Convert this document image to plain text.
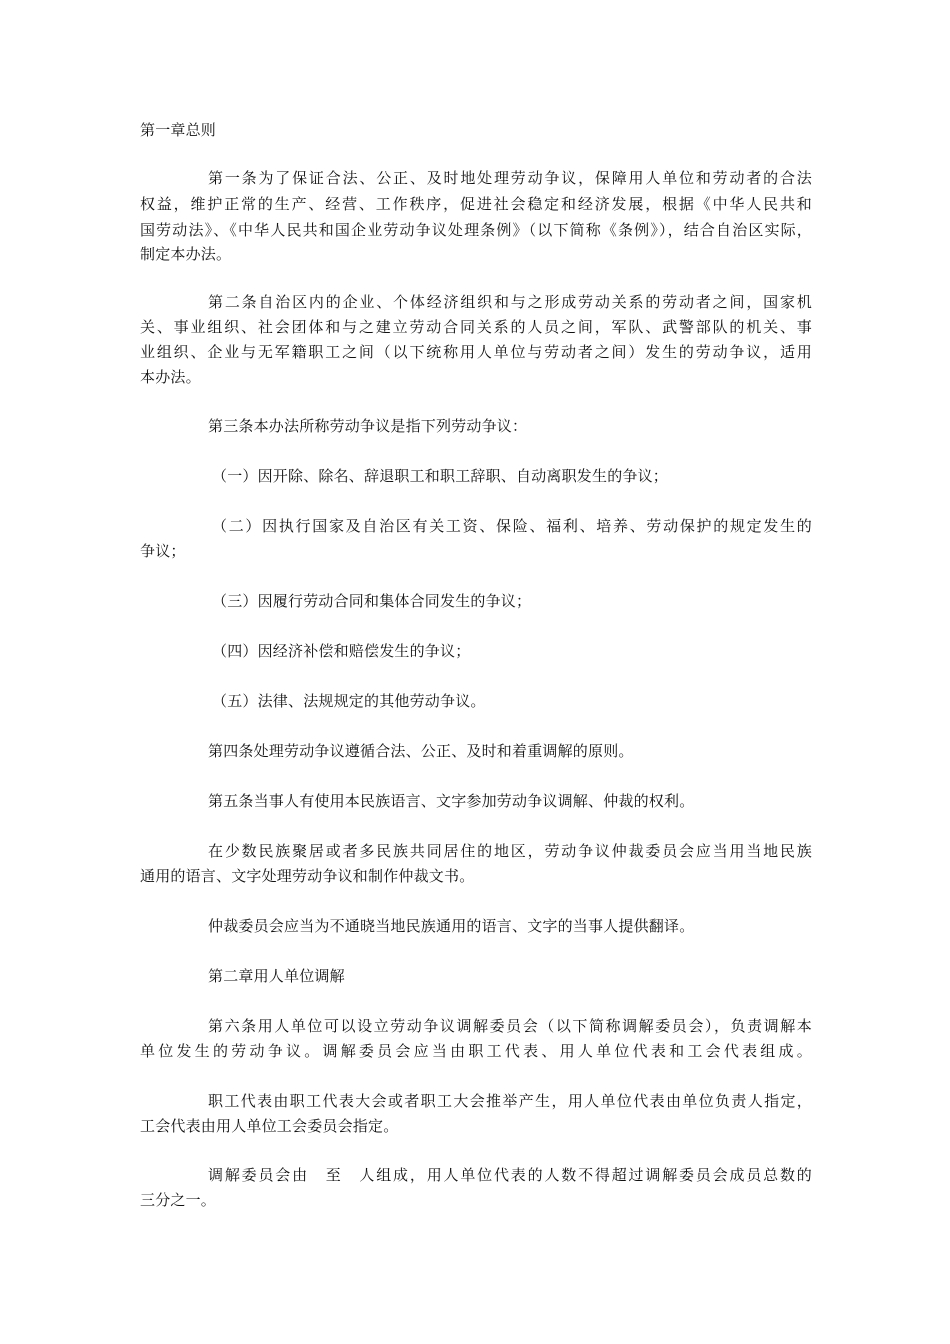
第一章总则
第一条为了保证合法、公正、及时地处理劳动争议，保障用人单位和劳动者的合法
权益，维护正常的生产、经营、工作秩序，促进社会稳定和经济发展，根据《中华人民共和
国劳动法》、《中华人民共和国企业劳动争议处理条例》（以下简称《条例》），结合自治区实际，
制定本办法。
第二条自治区内的企业、个体经济组织和与之形成劳动关系的劳动者之间，国家机
关、事业组织、社会团体和与之建立劳动合同关系的人员之间，军队、武警部队的机关、事
业组织、企业与无军籍职工之间（以下统称用人单位与劳动者之间）发生的劳动争议，适用
本办法。
第三条本办法所称劳动争议是指下列劳动争议：
（一）因开除、除名、辞退职工和职工辞职、自动离职发生的争议；
（二）因执行国家及自治区有关工资、保险、福利、培养、劳动保护的规定发生的
争议；
（三）因履行劳动合同和集体合同发生的争议；
（四）因经济补偿和赔偿发生的争议；
（五）法律、法规规定的其他劳动争议。
第四条处理劳动争议遵循合法、公正、及时和着重调解的原则。
第五条当事人有使用本民族语言、文字参加劳动争议调解、仲裁的权利。
在少数民族聚居或者多民族共同居住的地区，劳动争议仲裁委员会应当用当地民族
通用的语言、文字处理劳动争议和制作仲裁文书。
仲裁委员会应当为不通晓当地民族通用的语言、文字的当事人提供翻译。
第二章用人单位调解
第六条用人单位可以设立劳动争议调解委员会（以下简称调解委员会），负责调解本
单位发生的劳动争议。调解委员会应当由职工代表、用人单位代表和工会代表组成。
职工代表由职工代表大会或者职工大会推举产生，用人单位代表由单位负责人指定，
工会代表由用人单位工会委员会指定。
调解委员会由　至　人组成，用人单位代表的人数不得超过调解委员会成员总数的
三分之一。
